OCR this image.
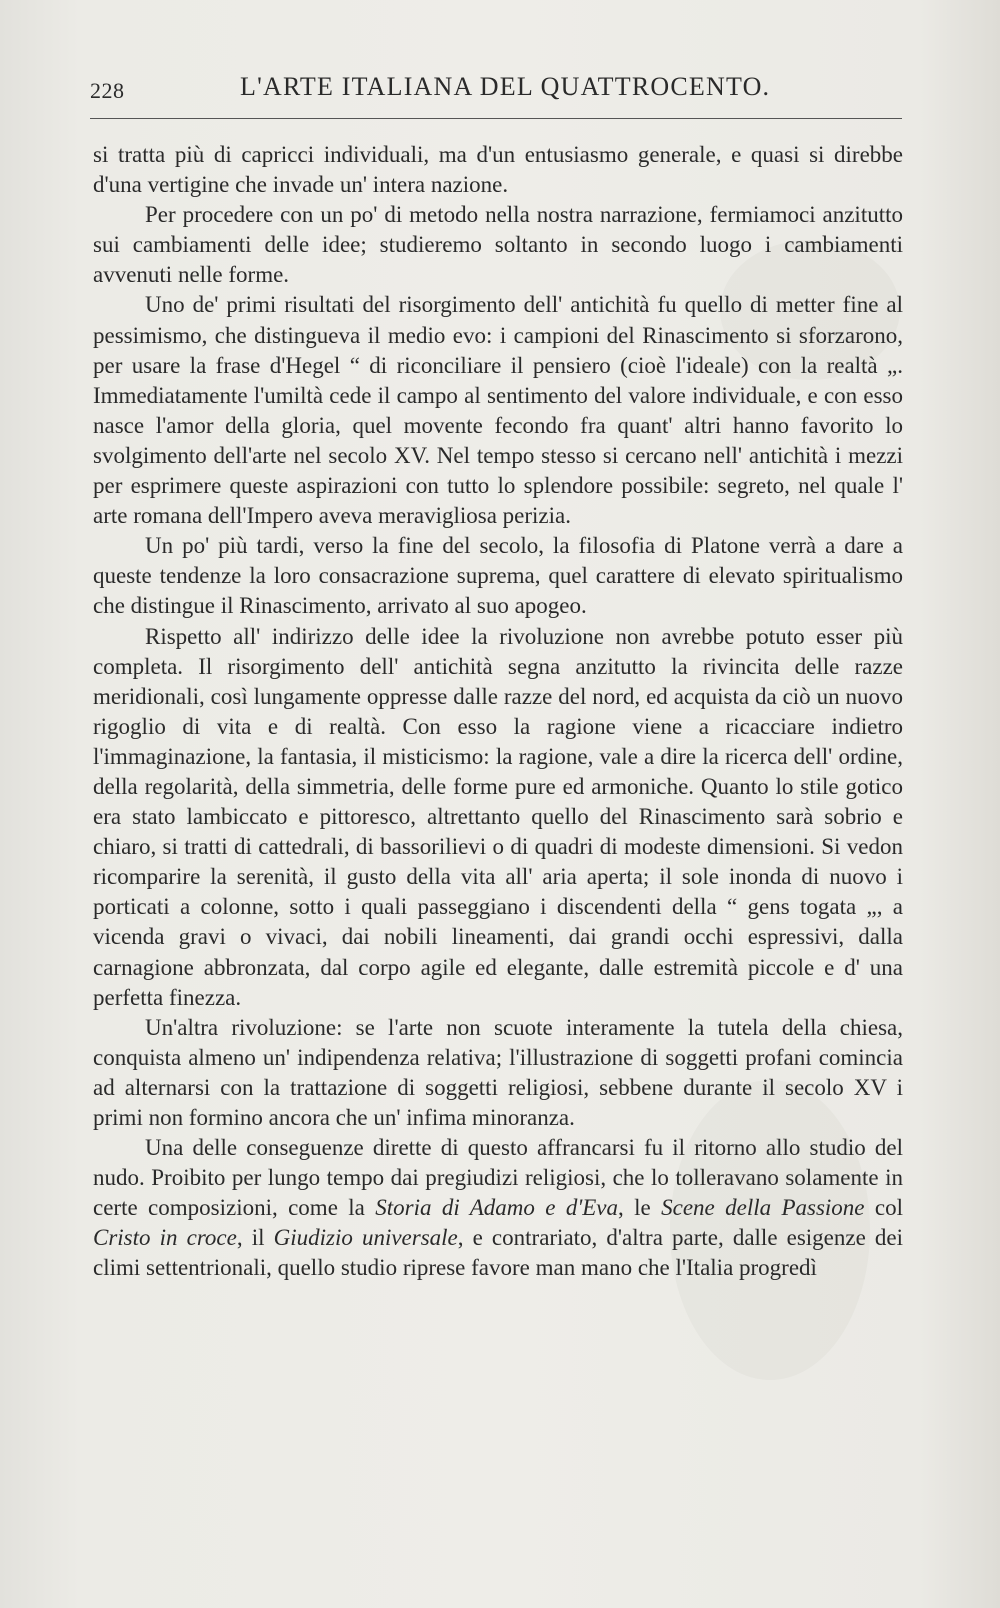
228	L'ARTE ITALIANA DEL QUATTROCENTO.

si tratta più di capricci individuali, ma d'un entusiasmo generale, e quasi si direbbe d'una vertigine che invade un' intera nazione.

Per procedere con un po' di metodo nella nostra narrazione, fermiamoci anzitutto sui cambiamenti delle idee; studieremo soltanto in secondo luogo i cambiamenti avvenuti nelle forme.

Uno de' primi risultati del risorgimento dell' antichità fu quello di metter fine al pessimismo, che distingueva il medio evo: i campioni del Rinascimento si sforzarono, per usare la frase d'Hegel “ di riconciliare il pensiero (cioè l'ideale) con la realtà „. Immediatamente l'umiltà cede il campo al sentimento del valore individuale, e con esso nasce l'amor della gloria, quel movente fecondo fra quant' altri hanno favorito lo svolgimento dell'arte nel secolo XV. Nel tempo stesso si cercano nell' antichità i mezzi per esprimere queste aspirazioni con tutto lo splendore possibile: segreto, nel quale l' arte romana dell'Impero aveva meravigliosa perizia.

Un po' più tardi, verso la fine del secolo, la filosofia di Platone verrà a dare a queste tendenze la loro consacrazione suprema, quel carattere di elevato spiritualismo che distingue il Rinascimento, arrivato al suo apogeo.

Rispetto all' indirizzo delle idee la rivoluzione non avrebbe potuto esser più completa. Il risorgimento dell' antichità segna anzitutto la rivincita delle razze meridionali, così lungamente oppresse dalle razze del nord, ed acquista da ciò un nuovo rigoglio di vita e di realtà. Con esso la ragione viene a ricacciare indietro l'immaginazione, la fantasia, il misticismo: la ragione, vale a dire la ricerca dell' ordine, della regolarità, della simmetria, delle forme pure ed armoniche. Quanto lo stile gotico era stato lambiccato e pittoresco, altrettanto quello del Rinascimento sarà sobrio e chiaro, si tratti di cattedrali, di bassorilievi o di quadri di modeste dimensioni. Si vedon ricomparire la serenità, il gusto della vita all' aria aperta; il sole inonda di nuovo i porticati a colonne, sotto i quali passeggiano i discendenti della “ gens togata „, a vicenda gravi o vivaci, dai nobili lineamenti, dai grandi occhi espressivi, dalla carnagione abbronzata, dal corpo agile ed elegante, dalle estremità piccole e d' una perfetta finezza.

Un'altra rivoluzione: se l'arte non scuote interamente la tutela della chiesa, conquista almeno un' indipendenza relativa; l'illustrazione di soggetti profani comincia ad alternarsi con la trattazione di soggetti religiosi, sebbene durante il secolo XV i primi non formino ancora che un' infima minoranza.

Una delle conseguenze dirette di questo affrancarsi fu il ritorno allo studio del nudo. Proibito per lungo tempo dai pregiudizi religiosi, che lo tolleravano solamente in certe composizioni, come la Storia di Adamo e d'Eva, le Scene della Passione col Cristo in croce, il Giudizio universale, e contrariato, d'altra parte, dalle esigenze dei climi settentrionali, quello studio riprese favore man mano che l'Italia progredì
